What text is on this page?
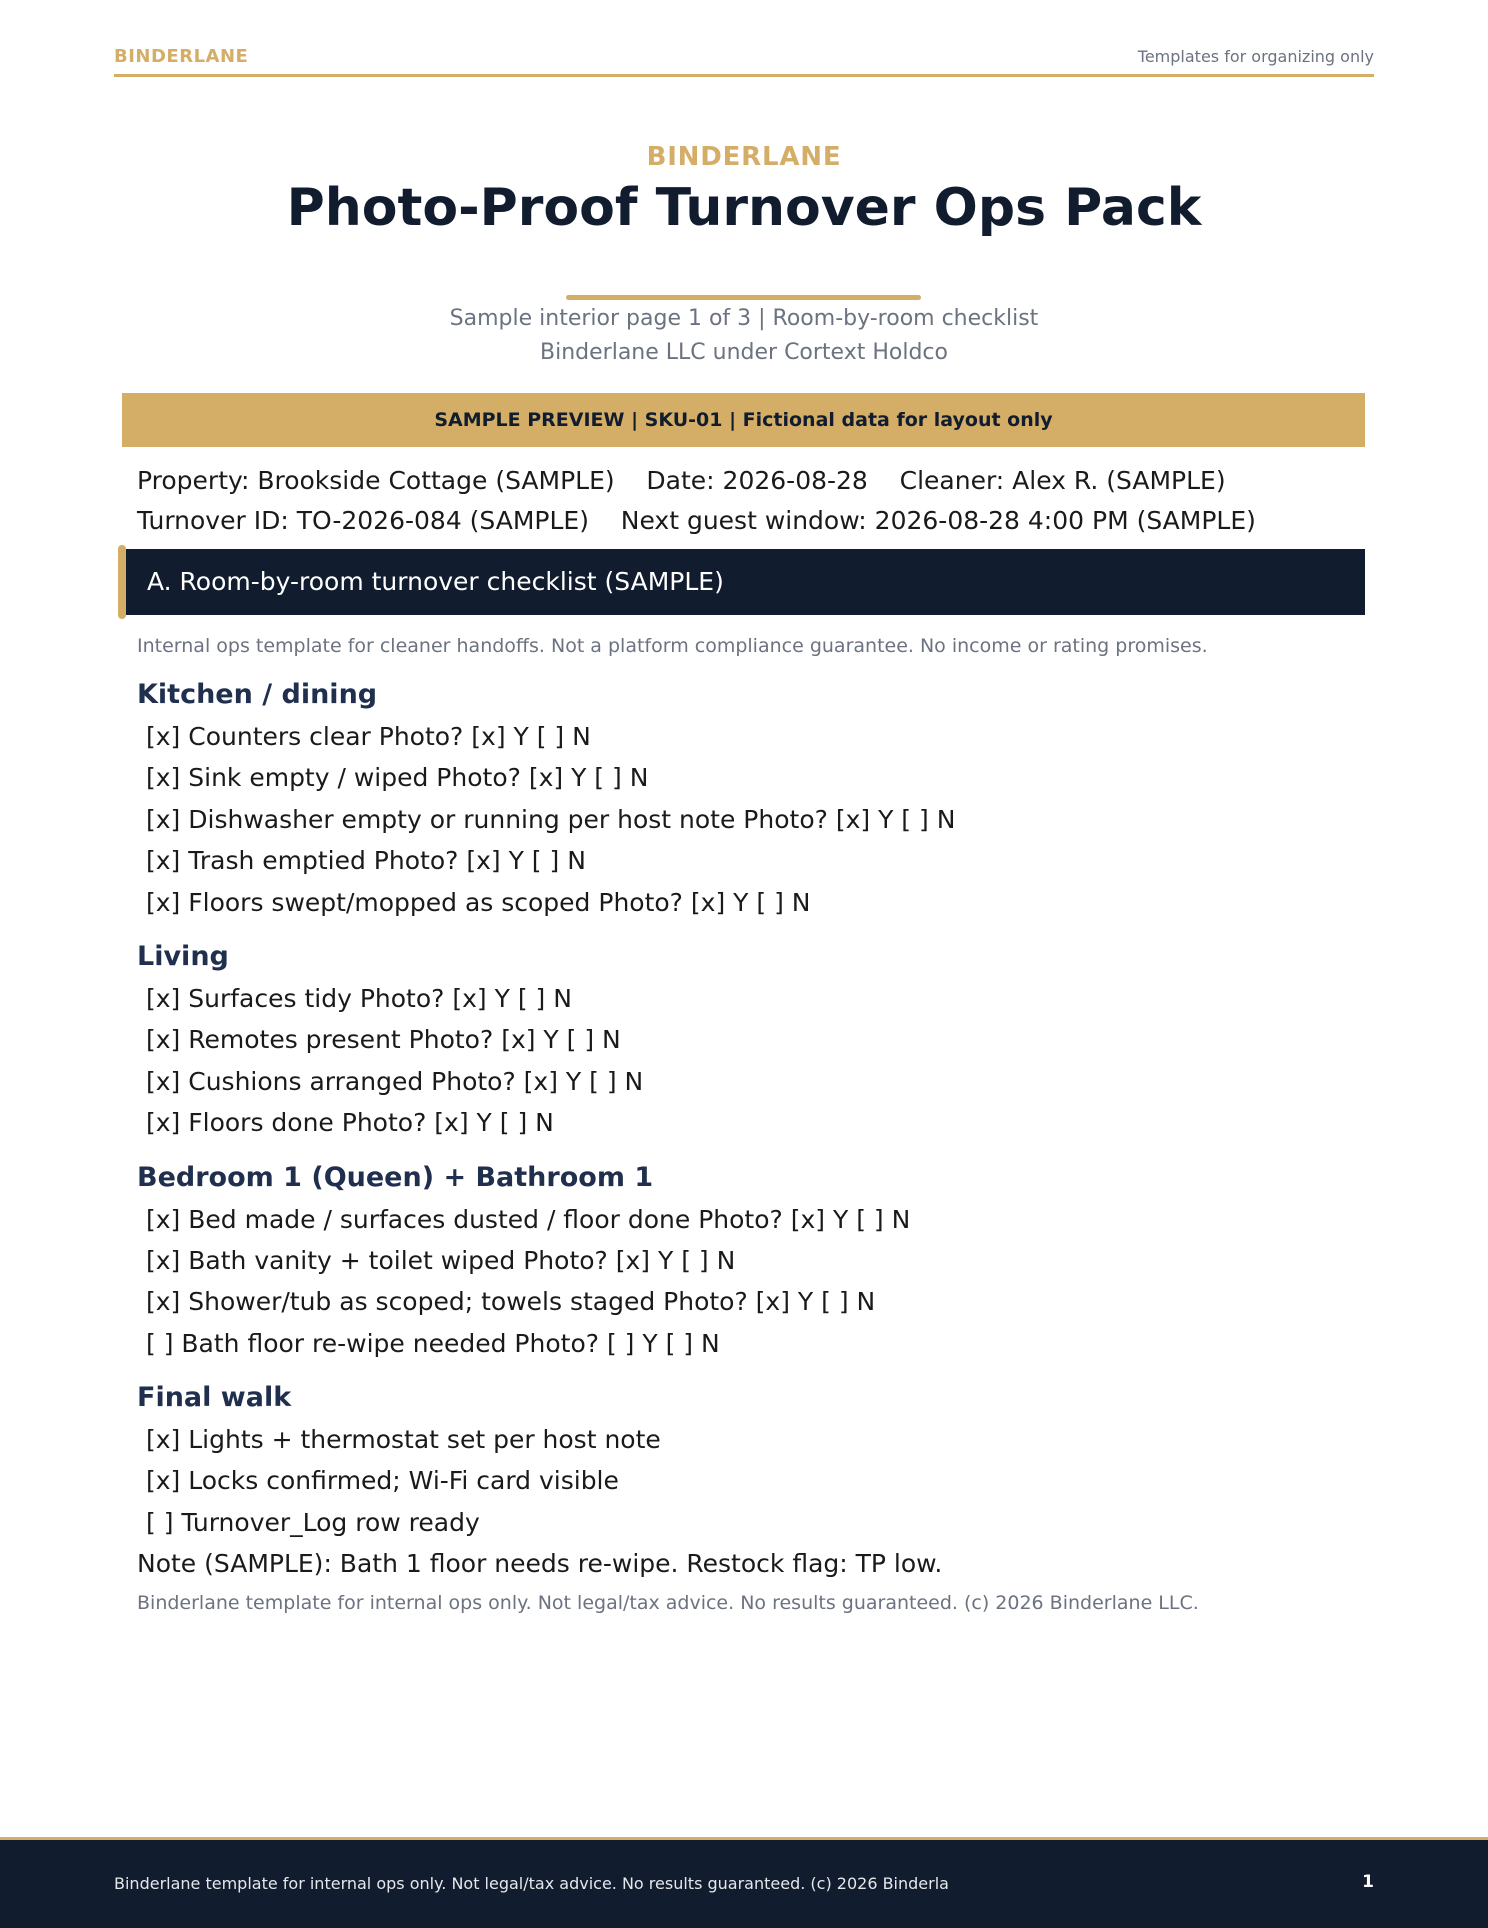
BINDERLANE	Templates for organizing only
BINDERLANE
Photo-Proof Turnover Ops Pack
Sample interior page 1 of 3 | Room-by-room checklist
Binderlane LLC under Cortext Holdco
SAMPLE PREVIEW | SKU-01 | Fictional data for layout only
Property: Brookside Cottage (SAMPLE)    Date: 2026-08-28    Cleaner: Alex R. (SAMPLE)
Turnover ID: TO-2026-084 (SAMPLE)    Next guest window: 2026-08-28 4:00 PM (SAMPLE)
A. Room-by-room turnover checklist (SAMPLE)
Internal ops template for cleaner handoffs. Not a platform compliance guarantee. No income or rating promises.
Kitchen / dining

[x] Counters clear Photo? [x] Y [ ] N

[x] Sink empty / wiped Photo? [x] Y [ ] N

[x] Dishwasher empty or running per host note Photo? [x] Y [ ] N

[x] Trash emptied Photo? [x] Y [ ] N

[x] Floors swept/mopped as scoped Photo? [x] Y [ ] N

Living

[x] Surfaces tidy Photo? [x] Y [ ] N

[x] Remotes present Photo? [x] Y [ ] N

[x] Cushions arranged Photo? [x] Y [ ] N

[x] Floors done Photo? [x] Y [ ] N

Bedroom 1 (Queen) + Bathroom 1

[x] Bed made / surfaces dusted / floor done Photo? [x] Y [ ] N

[x] Bath vanity + toilet wiped Photo? [x] Y [ ] N

[x] Shower/tub as scoped; towels staged Photo? [x] Y [ ] N

[ ] Bath floor re-wipe needed Photo? [ ] Y [ ] N

Final walk

[x] Lights + thermostat set per host note

[x] Locks confirmed; Wi-Fi card visible

[ ] Turnover_Log row ready

Note (SAMPLE): Bath 1 floor needs re-wipe. Restock flag: TP low.
Binderlane template for internal ops only. Not legal/tax advice. No results guaranteed. (c) 2026 Binderlane LLC.
Binderlane template for internal ops only. Not legal/tax advice. No results guaranteed. (c) 2026 Binderla	1
